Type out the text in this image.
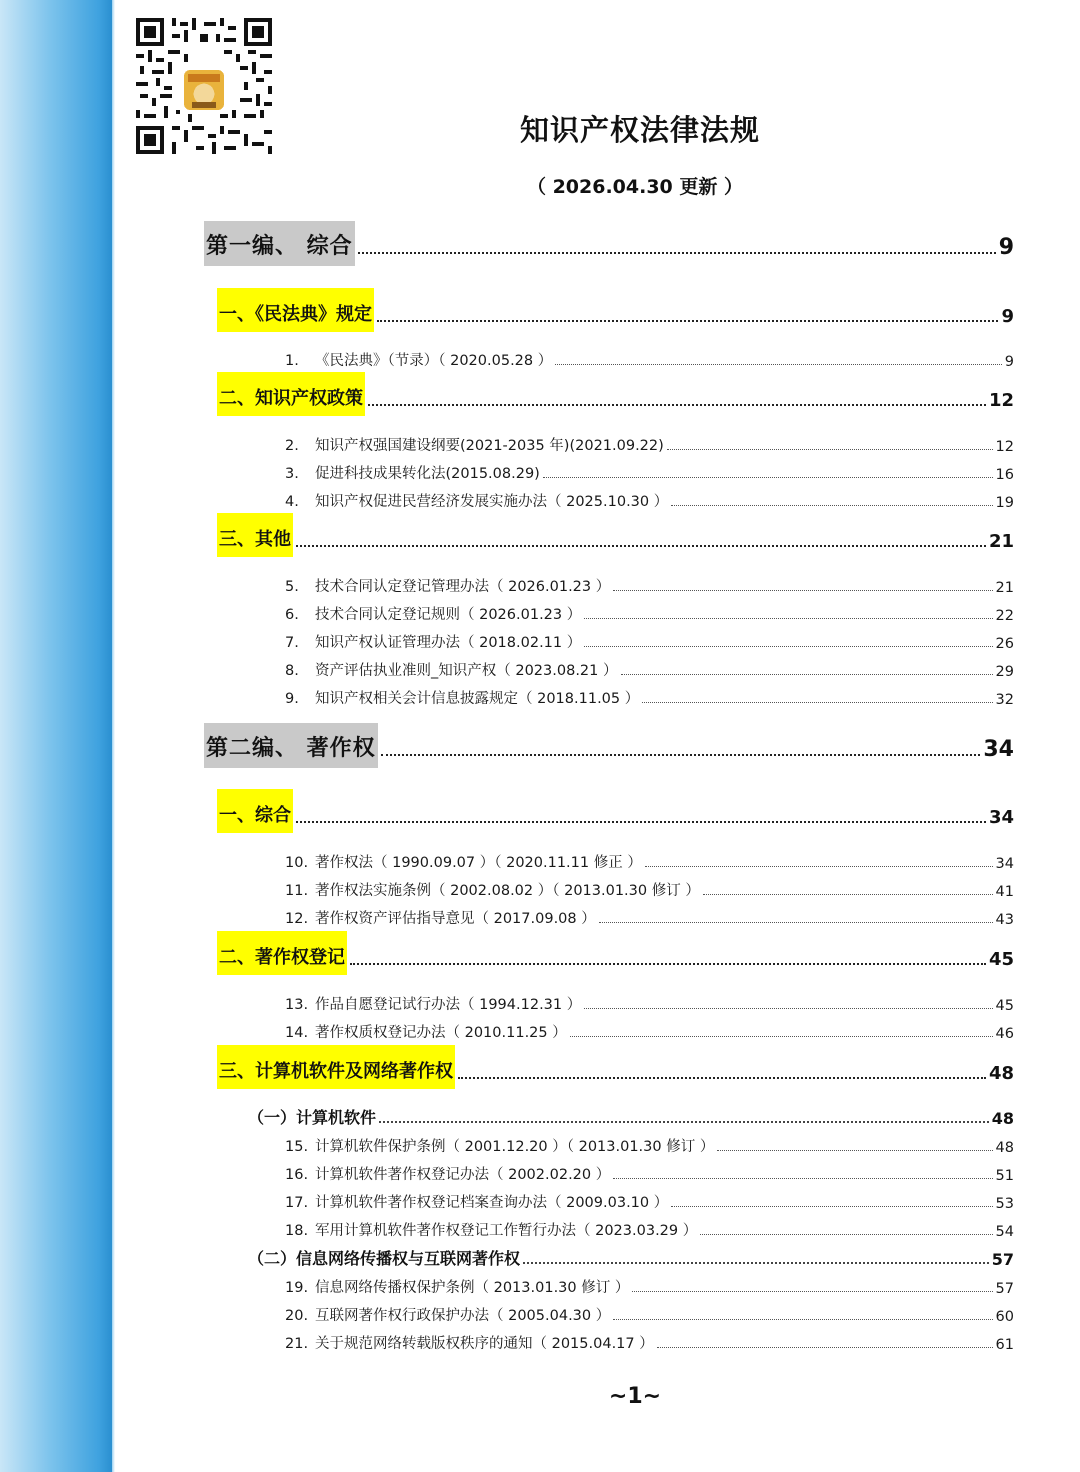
知识产权法律法规
（ 2026.04.30 更新 ）
第一编、 综合	9
一、《民法典》规定	9
1. 《民法典》（节录）（ 2020.05.28 ）	9
二、知识产权政策	12
2. 知识产权强国建设纲要(2021-2035 年)(2021.09.22)	12
3. 促进科技成果转化法(2015.08.29)	16
4. 知识产权促进民营经济发展实施办法（ 2025.10.30 ）	19
三、其他	21
5. 技术合同认定登记管理办法（ 2026.01.23 ）	21
6. 技术合同认定登记规则（ 2026.01.23 ）	22
7. 知识产权认证管理办法（ 2018.02.11 ）	26
8. 资产评估执业准则_知识产权（ 2023.08.21 ）	29
9. 知识产权相关会计信息披露规定（ 2018.11.05 ）	32
第二编、 著作权	34
一、综合	34
10. 著作权法（ 1990.09.07 ）（ 2020.11.11 修正 ）	34
11. 著作权法实施条例（ 2002.08.02 ）（ 2013.01.30 修订 ）	41
12. 著作权资产评估指导意见（ 2017.09.08 ）	43
二、著作权登记	45
13. 作品自愿登记试行办法（ 1994.12.31 ）	45
14. 著作权质权登记办法（ 2010.11.25 ）	46
三、计算机软件及网络著作权	48
（一）计算机软件	48
15. 计算机软件保护条例（ 2001.12.20 ）（ 2013.01.30 修订 ）	48
16. 计算机软件著作权登记办法（ 2002.02.20 ）	51
17. 计算机软件著作权登记档案查询办法（ 2009.03.10 ）	53
18. 军用计算机软件著作权登记工作暂行办法（ 2023.03.29 ）	54
（二）信息网络传播权与互联网著作权	57
19. 信息网络传播权保护条例（ 2013.01.30 修订 ）	57
20. 互联网著作权行政保护办法（ 2005.04.30 ）	60
21. 关于规范网络转载版权秩序的通知（ 2015.04.17 ）	61
~1~
